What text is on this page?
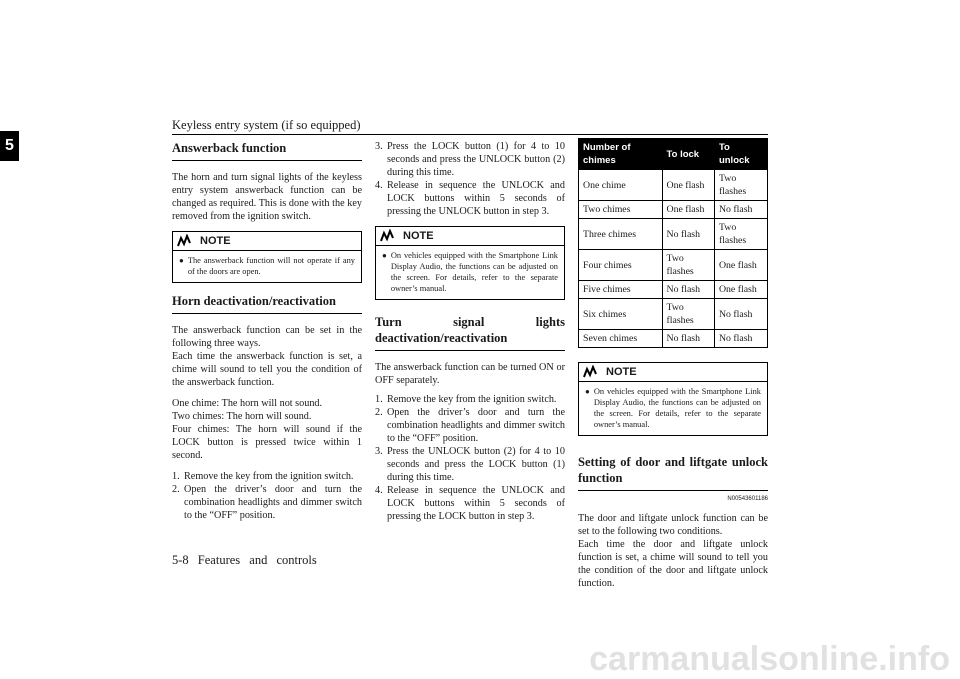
Keyless entry system (if so equipped)
5	Answerback function

The horn and turn signal lights of the keyless entry system answerback function can be changed as required. This is done with the key removed from the ignition switch.

NOTE
● The answerback function will not operate if any of the doors are open.
Horn deactivation/reactivation

The answerback function can be set in the following three ways.

Each time the answerback function is set, a chime will sound to tell you the condition of the answerback function.

One chime: The horn will not sound.

Two chimes: The horn will sound.

Four chimes: The horn will sound if the LOCK button is pressed twice within 1 second.

1. Remove the key from the ignition switch.
2. Open the driver’s door and turn the combination headlights and dimmer switch to the “OFF” position.
3. Press the LOCK button (1) for 4 to 10 seconds and press the UNLOCK button (2) during this time.
4. Release in sequence the UNLOCK and LOCK buttons within 5 seconds of pressing the UNLOCK button in step 3.
NOTE
● On vehicles equipped with the Smartphone Link Display Audio, the functions can be adjusted on the screen. For details, refer to the separate owner’s manual.
Turn signal lights deactivation/reactivation

The answerback function can be turned ON or OFF separately.

1. Remove the key from the ignition switch.
2. Open the driver’s door and turn the combination headlights and dimmer switch to the “OFF” position.
3. Press the UNLOCK button (2) for 4 to 10 seconds and press the LOCK button (1) during this time.
4. Release in sequence the UNLOCK and LOCK buttons within 5 seconds of pressing the LOCK button in step 3.
Number of chimes	To lock	To unlock
One chime	One flash	Two flashes
Two chimes	One flash	No flash
Three chimes	No flash	Two flashes
Four chimes	Two flashes	One flash
Five chimes	No flash	One flash
Six chimes	Two flashes	No flash
Seven chimes	No flash	No flash
NOTE
● On vehicles equipped with the Smartphone Link Display Audio, the functions can be adjusted on the screen. For details, refer to the separate owner’s manual.
Setting of door and liftgate unlock function
N00543601186

The door and liftgate unlock function can be set to the following two conditions.

Each time the door and liftgate unlock function is set, a chime will sound to tell you the condition of the door and liftgate unlock function.

5-8 Features and controls
carmanualsonline.info
